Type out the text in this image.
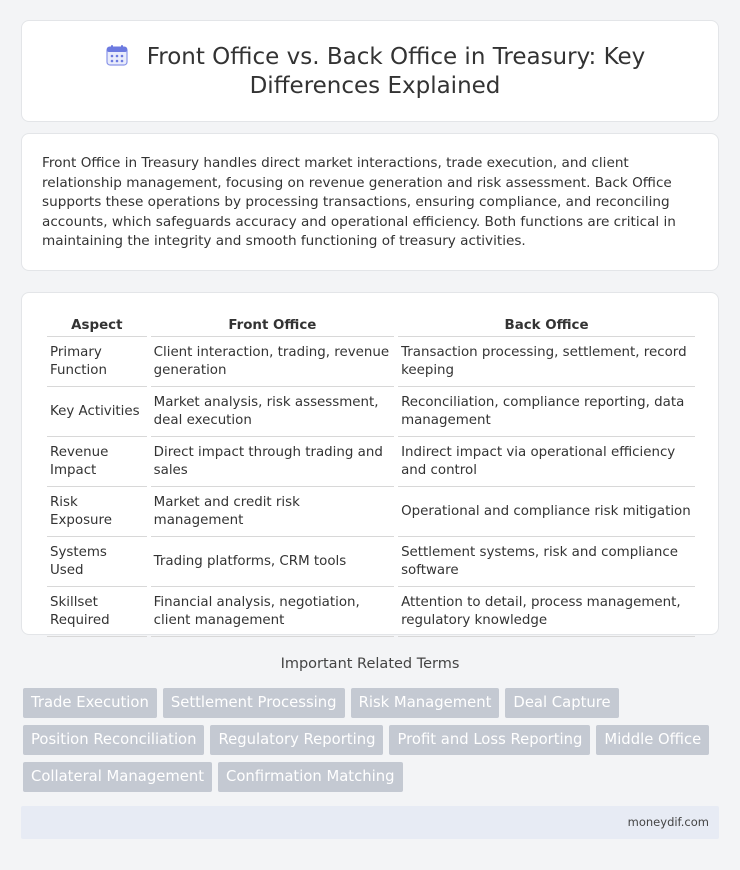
Front Office vs. Back Office in Treasury: Key Differences Explained

Front Office in Treasury handles direct market interactions, trade execution, and client relationship management, focusing on revenue generation and risk assessment. Back Office supports these operations by processing transactions, ensuring compliance, and reconciling accounts, which safeguards accuracy and operational efficiency. Both functions are critical in maintaining the integrity and smooth functioning of treasury activities.

Aspect	Front Office	Back Office
Primary Function	Client interaction, trading, revenue generation	Transaction processing, settlement, record keeping
Key Activities	Market analysis, risk assessment, deal execution	Reconciliation, compliance reporting, data management
Revenue Impact	Direct impact through trading and sales	Indirect impact via operational efficiency and control
Risk Exposure	Market and credit risk management	Operational and compliance risk mitigation
Systems Used	Trading platforms, CRM tools	Settlement systems, risk and compliance software
Skillset Required	Financial analysis, negotiation, client management	Attention to detail, process management, regulatory knowledge
Important Related Terms
Trade Execution	Settlement Processing	Risk Management	Deal Capture
Position Reconciliation	Regulatory Reporting	Profit and Loss Reporting	Middle Office
Collateral Management	Confirmation Matching
moneydif.com
